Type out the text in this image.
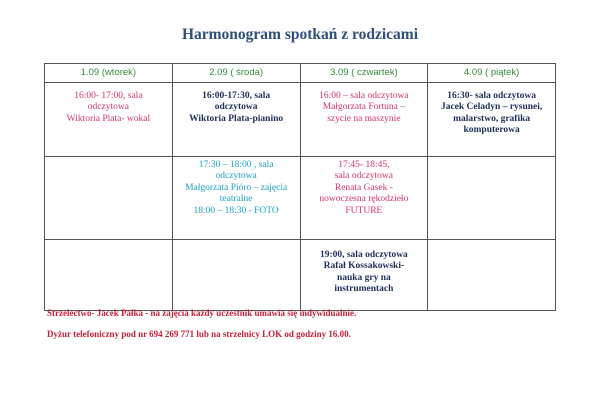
Harmonogram spotkań z rodzicami
1.09 (wtorek)	2.09 ( środa)	3.09 ( czwartek)	4.09 ( piątek)

16:00- 17:00, sala
odczytowa
Wiktoria Plata- wokal	16:00-17:30, sala
odczytowa
Wiktoria Plata-pianino	16:00 – sala odczytowa
Małgorzata Fortuna –
szycie na maszynie	16:30- sala odczytowa
Jacek Celadyn – rysunei,
malarstwo, grafika
komputerowa

	17:30 – 18:00 , sala
odczytowa
Małgorzata Pióro – zajęcia
teatralne
18:00 – 18:30 - FOTO	17:45- 18:45,
sala odczytowa
Renata Gasek -
nowoczesna rękodzieło
FUTURE	

		19:00, sala odczytowa
Rafał Kossakowski-
nauka gry na
instrumentach	

Strzelectwo- Jacek Pałka - na zajęcia każdy uczestnik umawia się indywidualnie.
Dyżur telefoniczny pod nr 694 269 771 lub na strzelnicy LOK od godziny 16.00.
